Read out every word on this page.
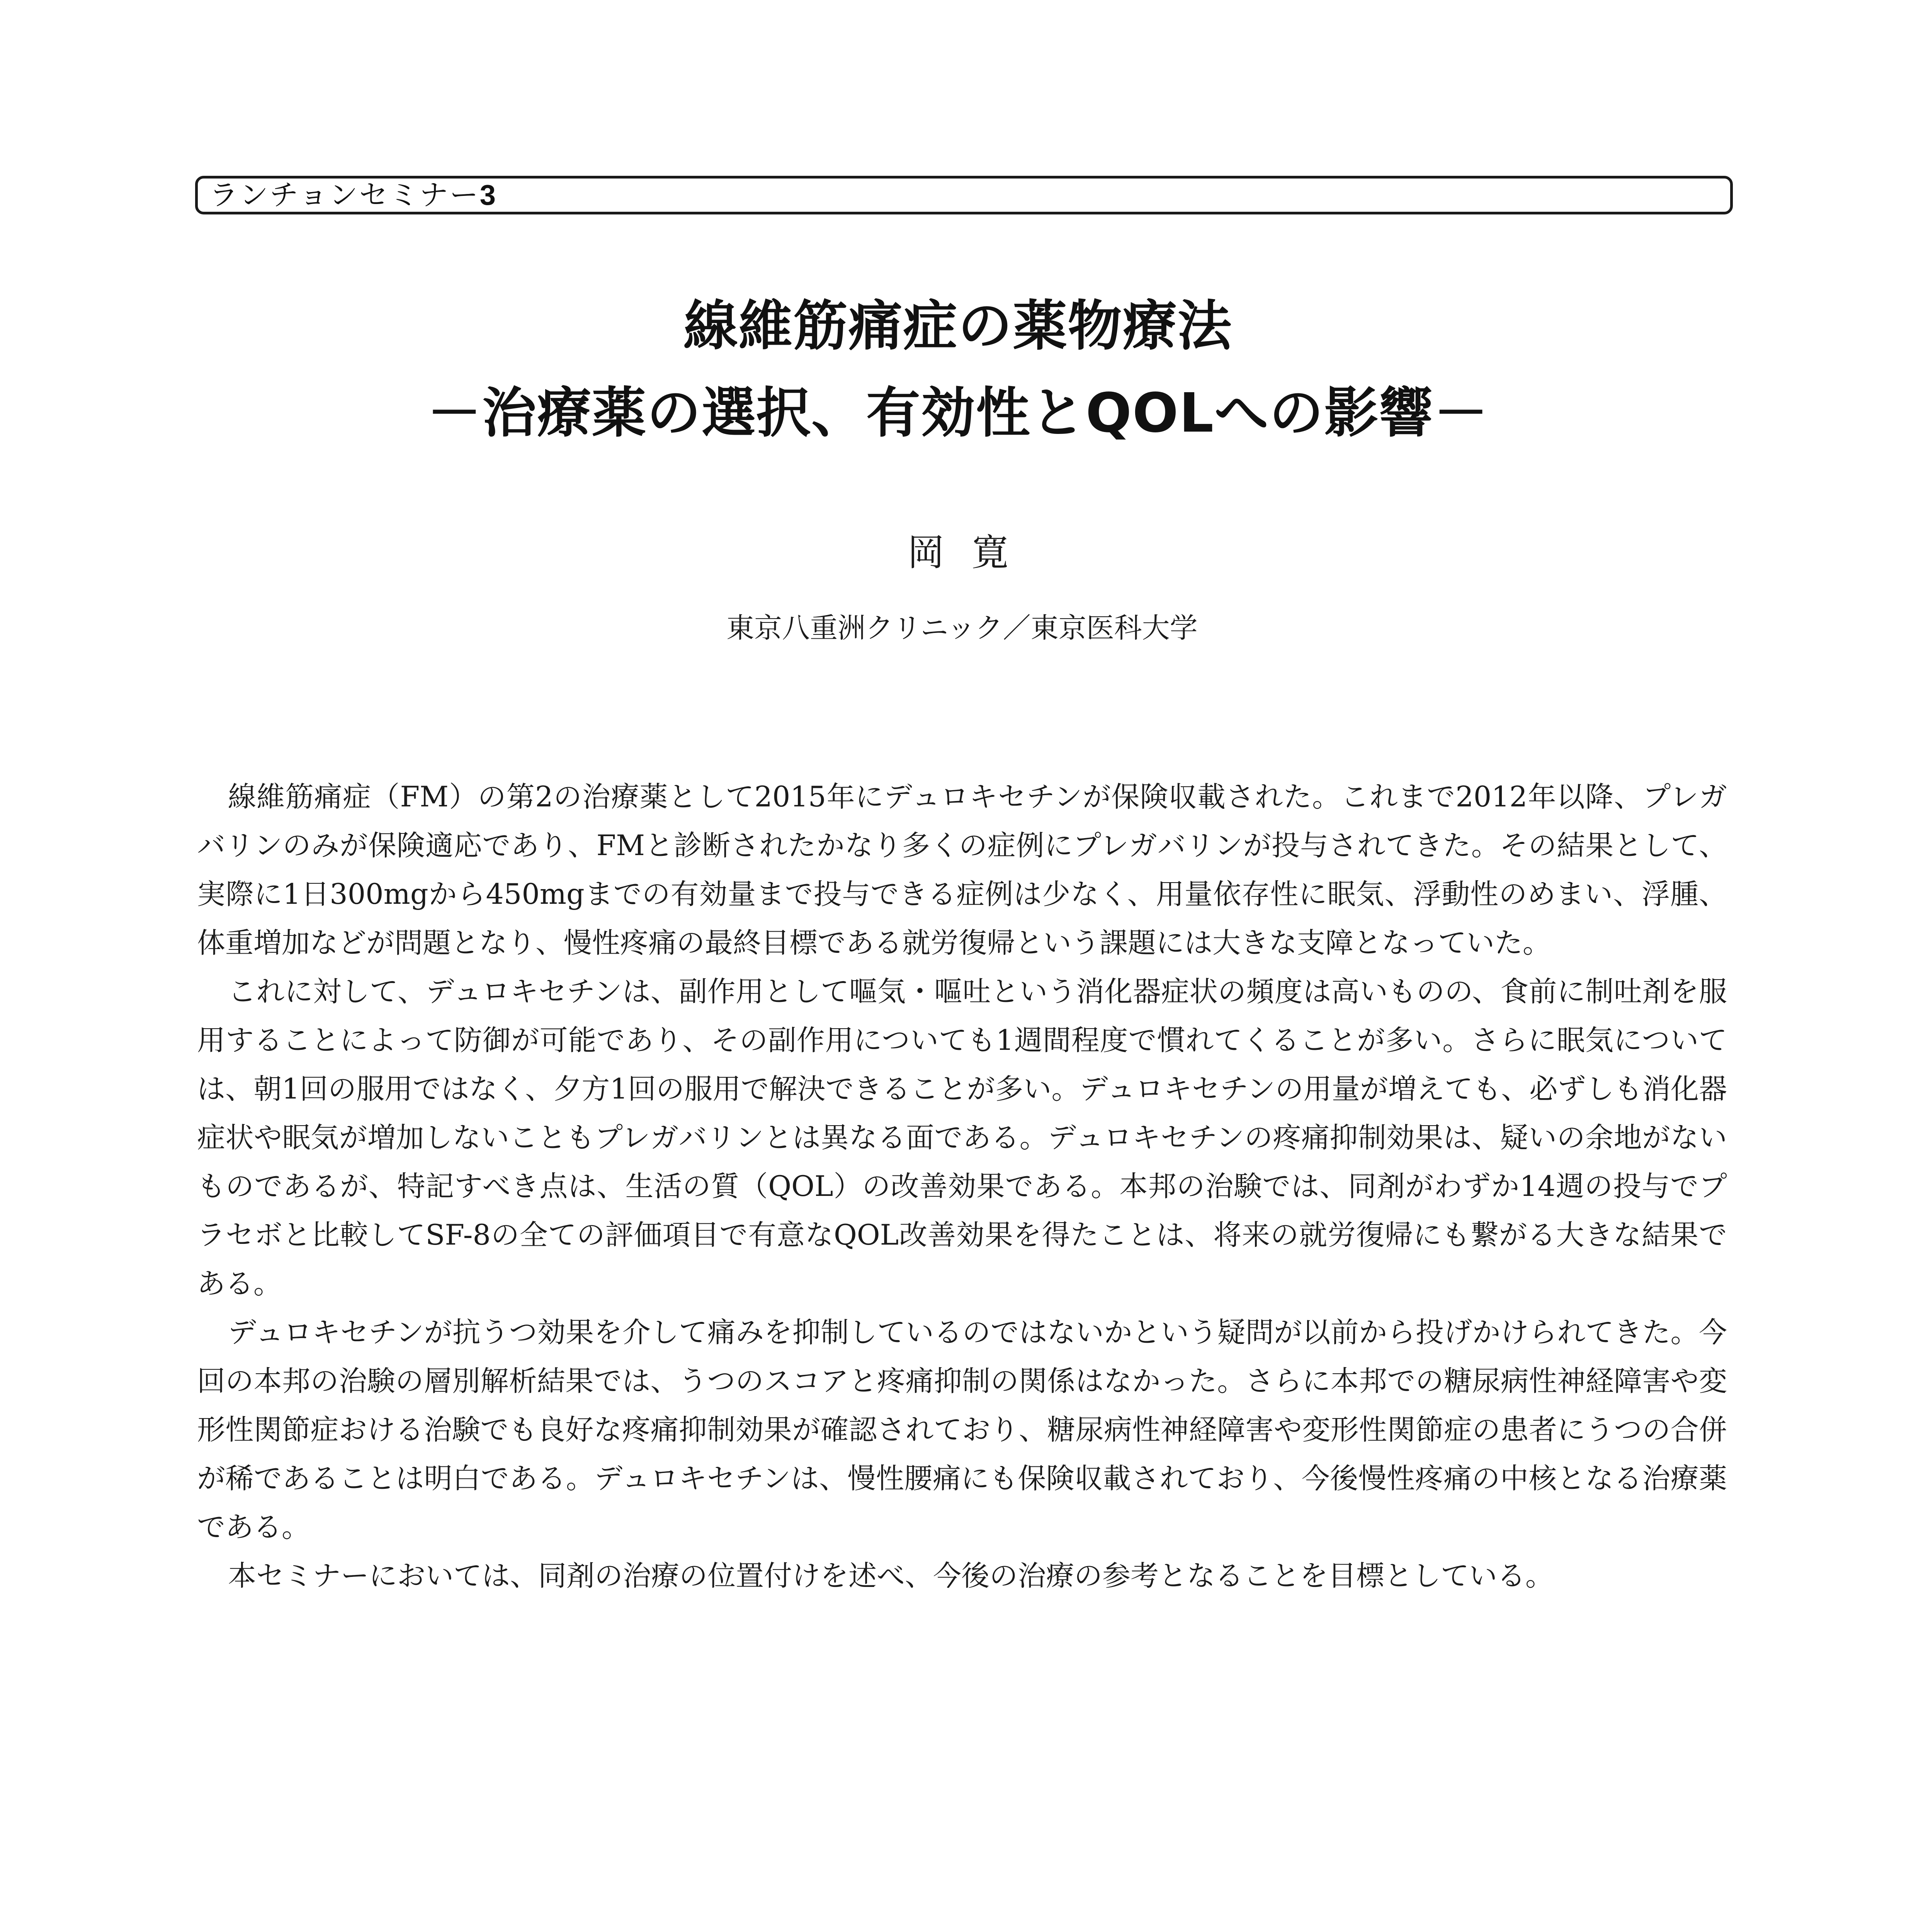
ランチョンセミナー3
線維筋痛症の薬物療法
－治療薬の選択、有効性とQOLへの影響－
岡寛
東京八重洲クリニック／東京医科大学

線維筋痛症（FM）の第2の治療薬として2015年にデュロキセチンが保険収載された。これまで2012年以降、プレガバリンのみが保険適応であり、FMと診断されたかなり多くの症例にプレガバリンが投与されてきた。その結果として、実際に1日300mgから450mgまでの有効量まで投与できる症例は少なく、用量依存性に眠気、浮動性のめまい、浮腫、体重増加などが問題となり、慢性疼痛の最終目標である就労復帰という課題には大きな支障となっていた。

これに対して、デュロキセチンは、副作用として嘔気・嘔吐という消化器症状の頻度は高いものの、食前に制吐剤を服用することによって防御が可能であり、その副作用についても1週間程度で慣れてくることが多い。さらに眠気については、朝1回の服用ではなく、夕方1回の服用で解決できることが多い。デュロキセチンの用量が増えても、必ずしも消化器症状や眠気が増加しないこともプレガバリンとは異なる面である。デュロキセチンの疼痛抑制効果は、疑いの余地がないものであるが、特記すべき点は、生活の質（QOL）の改善効果である。本邦の治験では、同剤がわずか14週の投与でプラセボと比較してSF-8の全ての評価項目で有意なQOL改善効果を得たことは、将来の就労復帰にも繋がる大きな結果である。

デュロキセチンが抗うつ効果を介して痛みを抑制しているのではないかという疑問が以前から投げかけられてきた。今回の本邦の治験の層別解析結果では、うつのスコアと疼痛抑制の関係はなかった。さらに本邦での糖尿病性神経障害や変形性関節症おける治験でも良好な疼痛抑制効果が確認されており、糖尿病性神経障害や変形性関節症の患者にうつの合併が稀であることは明白である。デュロキセチンは、慢性腰痛にも保険収載されており、今後慢性疼痛の中核となる治療薬である。

本セミナーにおいては、同剤の治療の位置付けを述べ、今後の治療の参考となることを目標としている。
